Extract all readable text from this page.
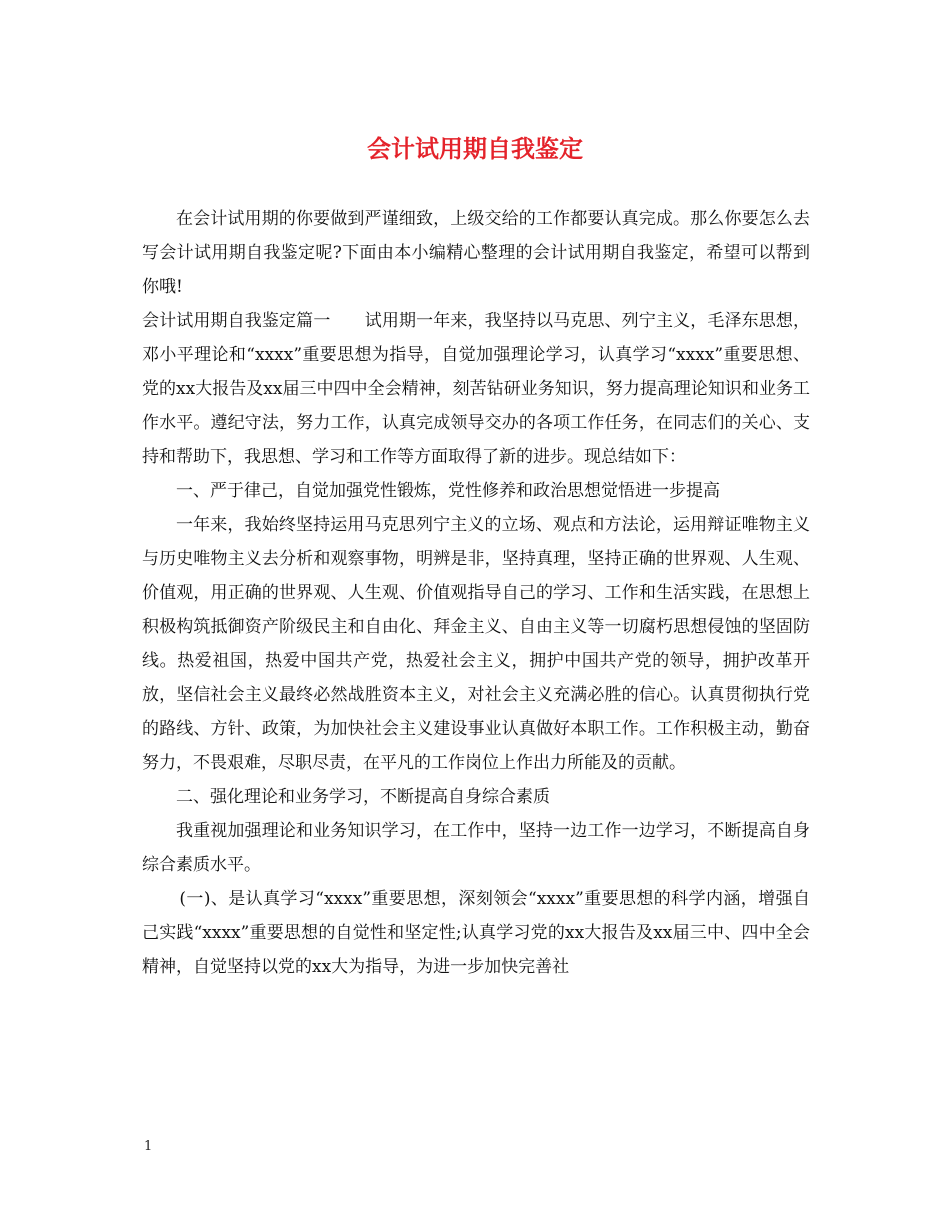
会计试用期自我鉴定

在会计试用期的你要做到严谨细致，上级交给的工作都要认真完成。那么你要怎么去写会计试用期自我鉴定呢?下面由本小编精心整理的会计试用期自我鉴定，希望可以帮到你哦!

会计试用期自我鉴定篇一　　试用期一年来，我坚持以马克思、列宁主义，毛泽东思想，邓小平理论和“xxxx”重要思想为指导，自觉加强理论学习，认真学习“xxxx”重要思想、党的xx大报告及xx届三中四中全会精神，刻苦钻研业务知识，努力提高理论知识和业务工作水平。遵纪守法，努力工作，认真完成领导交办的各项工作任务，在同志们的关心、支持和帮助下，我思想、学习和工作等方面取得了新的进步。现总结如下：

一、严于律己，自觉加强党性锻炼，党性修养和政治思想觉悟进一步提高

一年来，我始终坚持运用马克思列宁主义的立场、观点和方法论，运用辩证唯物主义与历史唯物主义去分析和观察事物，明辨是非，坚持真理，坚持正确的世界观、人生观、价值观，用正确的世界观、人生观、价值观指导自己的学习、工作和生活实践，在思想上积极构筑抵御资产阶级民主和自由化、拜金主义、自由主义等一切腐朽思想侵蚀的坚固防线。热爱祖国，热爱中国共产党，热爱社会主义，拥护中国共产党的领导，拥护改革开放，坚信社会主义最终必然战胜资本主义，对社会主义充满必胜的信心。认真贯彻执行党的路线、方针、政策，为加快社会主义建设事业认真做好本职工作。工作积极主动，勤奋努力，不畏艰难，尽职尽责，在平凡的工作岗位上作出力所能及的贡献。

二、强化理论和业务学习，不断提高自身综合素质

我重视加强理论和业务知识学习，在工作中，坚持一边工作一边学习，不断提高自身综合素质水平。

(一)、是认真学习“xxxx”重要思想，深刻领会“xxxx”重要思想的科学内涵，增强自己实践“xxxx”重要思想的自觉性和坚定性;认真学习党的xx大报告及xx届三中、四中全会精神，自觉坚持以党的xx大为指导，为进一步加快完善社

1
